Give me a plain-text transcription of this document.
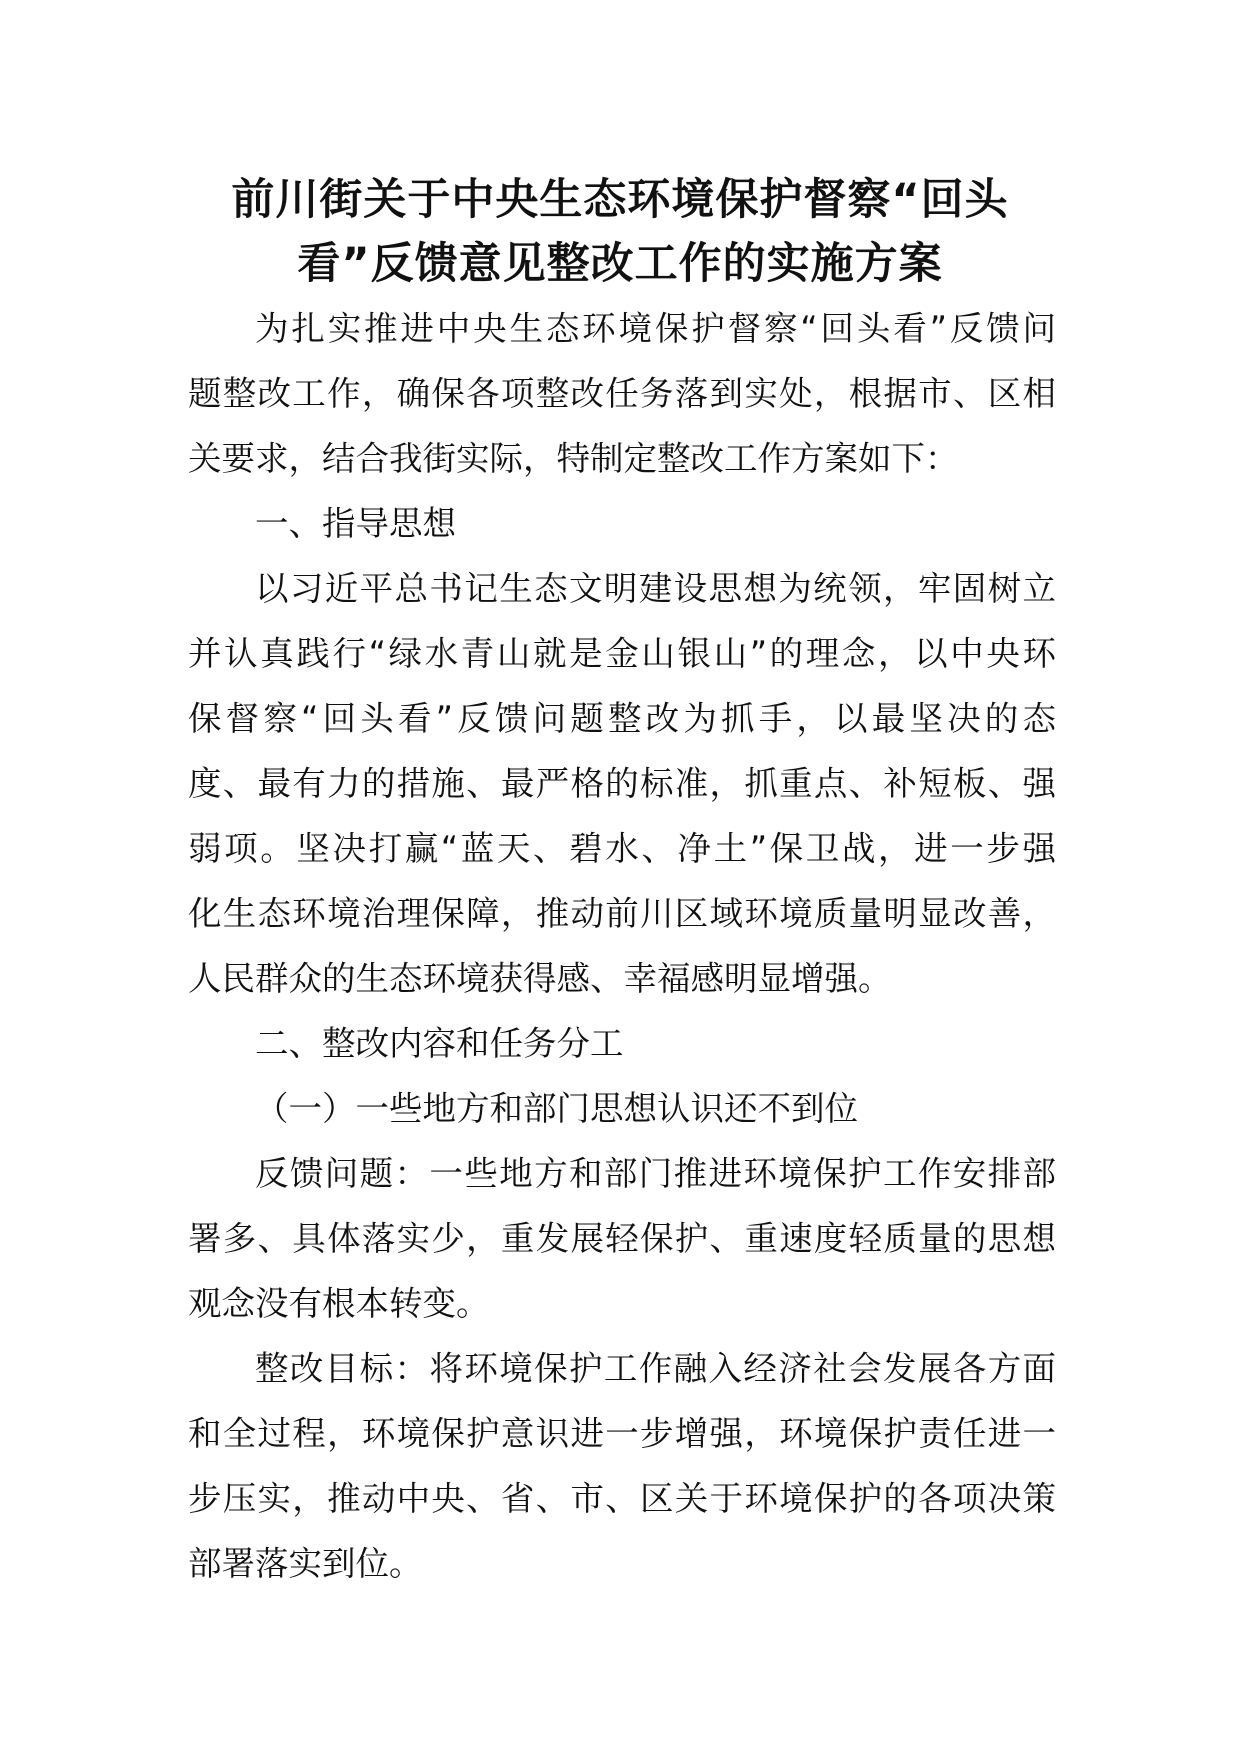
前川街关于中央生态环境保护督察“回头
看”反馈意见整改工作的实施方案
为扎实推进中央生态环境保护督察“回头看”反馈问
题整改工作，确保各项整改任务落到实处，根据市、区相
关要求，结合我街实际，特制定整改工作方案如下：
一、指导思想
以习近平总书记生态文明建设思想为统领，牢固树立
并认真践行“绿水青山就是金山银山”的理念，以中央环
保督察“回头看”反馈问题整改为抓手，以最坚决的态
度、最有力的措施、最严格的标准，抓重点、补短板、强
弱项。坚决打赢“蓝天、碧水、净土”保卫战，进一步强
化生态环境治理保障，推动前川区域环境质量明显改善，
人民群众的生态环境获得感、幸福感明显增强。
二、整改内容和任务分工
（一）一些地方和部门思想认识还不到位
反馈问题：一些地方和部门推进环境保护工作安排部
署多、具体落实少，重发展轻保护、重速度轻质量的思想
观念没有根本转变。
整改目标：将环境保护工作融入经济社会发展各方面
和全过程，环境保护意识进一步增强，环境保护责任进一
步压实，推动中央、省、市、区关于环境保护的各项决策
部署落实到位。
